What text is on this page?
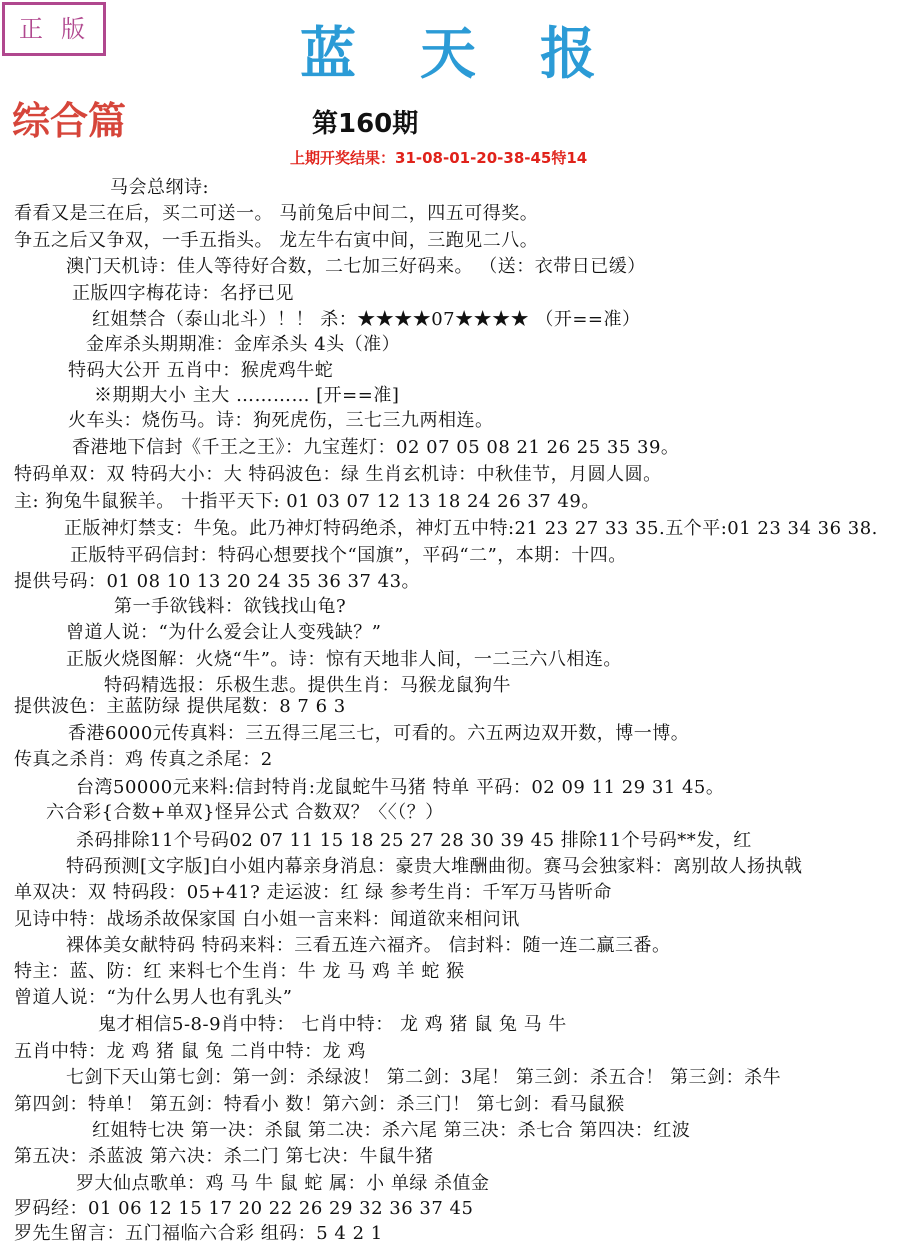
正版	蓝天报
综合篇	第160期
上期开奖结果：31-08-01-20-38-45特14
马会总纲诗:
看看又是三在后，买二可送一。 马前兔后中间二，四五可得奖。
争五之后又争双，一手五指头。 龙左牛右寅中间，三跑见二八。
澳门天机诗：佳人等待好合数，二七加三好码来。 （送：衣带日已缓）
正版四字梅花诗：名抒已见
红姐禁合（泰山北斗）！！ 杀：★★★★07★★★★ （开==准）
金库杀头期期准：金库杀头 4头（准）
特码大公开 五肖中：猴虎鸡牛蛇
※期期大小 主大 ………… [开==准]
火车头：烧伤马。诗：狗死虎伤，三七三九两相连。
香港地下信封《千王之王》：九宝莲灯：02 07 05 08 21 26 25 35 39。
特码单双：双 特码大小：大 特码波色：绿 生肖玄机诗：中秋佳节，月圆人圆。
主: 狗兔牛鼠猴羊。 十指平天下: 01 03 07 12 13 18 24 26 37 49。
正版神灯禁支：牛兔。此乃神灯特码绝杀，神灯五中特:21 23 27 33 35.五个平:01 23 34 36 38.
正版特平码信封：特码心想要找个“国旗”，平码“二”，本期：十四。
提供号码：01 08 10 13 20 24 35 36 37 43。
第一手欲钱料：欲钱找山龟?
曾道人说：“为什么爱会让人变残缺？”
正版火烧图解：火烧“牛”。诗：惊有天地非人间，一二三六八相连。
特码精选报：乐极生悲。提供生肖：马猴龙鼠狗牛
提供波色：主蓝防绿 提供尾数：8 7 6 3
香港6000元传真料：三五得三尾三七，可看的。六五两边双开数，博一博。
传真之杀肖：鸡 传真之杀尾：2
台湾50000元来料:信封特肖:龙鼠蛇牛马猪 特单 平码：02 09 11 29 31 45。
六合彩{合数+单双}怪异公式 合数双？〈〈（？）
杀码排除11个号码02 07 11 15 18 25 27 28 30 39 45 排除11个号码**发，红
特码预测[文字版]白小姐内幕亲身消息：豪贵大堆酬曲彻。赛马会独家料：离别故人扬执戟
单双决：双 特码段：05+41? 走运波：红 绿 参考生肖：千军万马皆听命
见诗中特：战场杀故保家国 白小姐一言来料：闻道欲来相问讯
裸体美女献特码 特码来料：三看五连六福齐。 信封料：随一连二赢三番。
特主：蓝、防：红 来料七个生肖：牛 龙 马 鸡 羊 蛇 猴
曾道人说：“为什么男人也有乳头”
鬼才相信5-8-9肖中特： 七肖中特： 龙 鸡 猪 鼠 兔 马 牛
五肖中特：龙 鸡 猪 鼠 兔 二肖中特：龙 鸡
七剑下天山第七剑：第一剑：杀绿波！ 第二剑：3尾！ 第三剑：杀五合！ 第三剑：杀牛
第四剑：特单！ 第五剑：特看小 数！第六剑：杀三门！ 第七剑：看马鼠猴
红姐特七决 第一决：杀鼠 第二决：杀六尾 第三决：杀七合 第四决：红波
第五决：杀蓝波 第六决：杀二门 第七决：牛鼠牛猪
罗大仙点歌单：鸡 马 牛 鼠 蛇 属：小 单绿 杀值金
罗码经：01 06 12 15 17 20 22 26 29 32 36 37 45
罗先生留言：五门福临六合彩 组码：5 4 2 1
